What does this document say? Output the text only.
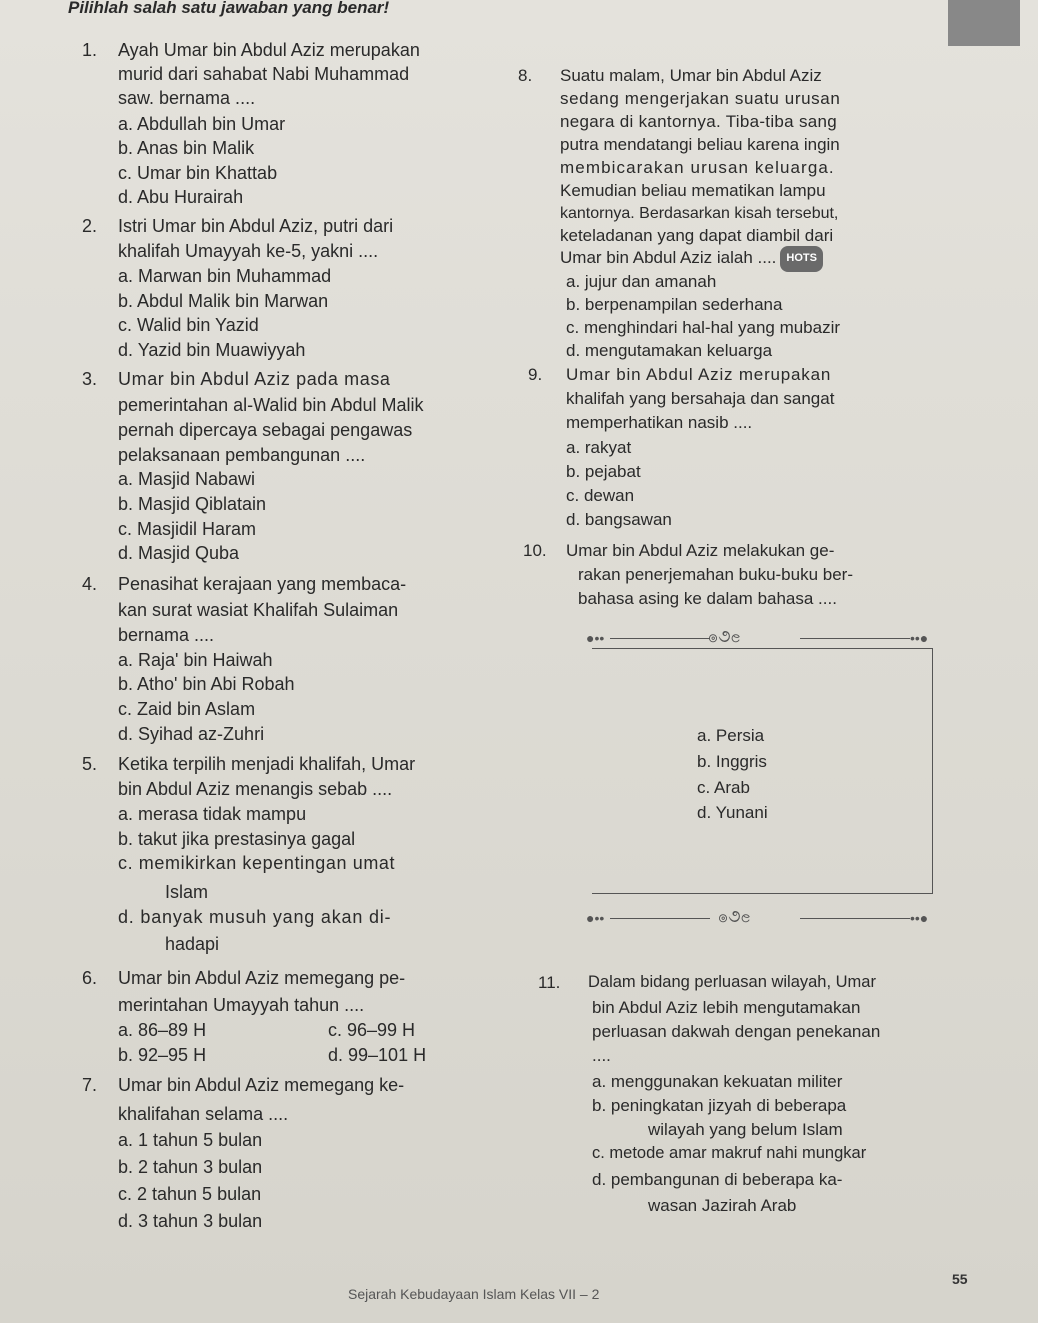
Pilihlah salah satu jawaban yang benar!
1. Ayah Umar bin Abdul Aziz merupakan
murid dari sahabat Nabi Muhammad
saw. bernama ....
a. Abdullah bin Umar
b. Anas bin Malik
c. Umar bin Khattab
d. Abu Hurairah
2. Istri Umar bin Abdul Aziz, putri dari
khalifah Umayyah ke-5, yakni ....
a. Marwan bin Muhammad
b. Abdul Malik bin Marwan
c. Walid bin Yazid
d. Yazid bin Muawiyyah
3. Umar bin Abdul Aziz pada masa
pemerintahan al-Walid bin Abdul Malik
pernah dipercaya sebagai pengawas
pelaksanaan pembangunan ....
a. Masjid Nabawi
b. Masjid Qiblatain
c. Masjidil Haram
d. Masjid Quba
4. Penasihat kerajaan yang membaca-
kan surat wasiat Khalifah Sulaiman
bernama ....
a. Raja' bin Haiwah
b. Atho' bin Abi Robah
c. Zaid bin Aslam
d. Syihad az-Zuhri
5. Ketika terpilih menjadi khalifah, Umar
bin Abdul Aziz menangis sebab ....
a. merasa tidak mampu
b. takut jika prestasinya gagal
c. memikirkan kepentingan umat
Islam
d. banyak musuh yang akan di-
hadapi
6. Umar bin Abdul Aziz memegang pe-
merintahan Umayyah tahun ....
a. 86–89 H	c. 96–99 H
b. 92–95 H	d. 99–101 H
7. Umar bin Abdul Aziz memegang ke-
khalifahan selama ....
a. 1 tahun 5 bulan
b. 2 tahun 3 bulan
c. 2 tahun 5 bulan
d. 3 tahun 3 bulan
8. Suatu malam, Umar bin Abdul Aziz
sedang mengerjakan suatu urusan
negara di kantornya. Tiba-tiba sang
putra mendatangi beliau karena ingin
membicarakan urusan keluarga.
Kemudian beliau mematikan lampu
kantornya. Berdasarkan kisah tersebut,
keteladanan yang dapat diambil dari
Umar bin Abdul Aziz ialah .... HOTS
a. jujur dan amanah
b. berpenampilan sederhana
c. menghindari hal-hal yang mubazir
d. mengutamakan keluarga
9. Umar bin Abdul Aziz merupakan
khalifah yang bersahaja dan sangat
memperhatikan nasib ....
a. rakyat
b. pejabat
c. dewan
d. bangsawan
10. Umar bin Abdul Aziz melakukan ge-
rakan penerjemahan buku-buku ber-
bahasa asing ke dalam bahasa ....
●••	ၜ૭ၔ	••●
●••	ၜ૭ၔ	••●
a. Persia
b. Inggris
c. Arab
d. Yunani
11. Dalam bidang perluasan wilayah, Umar
bin Abdul Aziz lebih mengutamakan
perluasan dakwah dengan penekanan
....
a. menggunakan kekuatan militer
b. peningkatan jizyah di beberapa
wilayah yang belum Islam
c. metode amar makruf nahi mungkar
d. pembangunan di beberapa ka-
wasan Jazirah Arab
Sejarah Kebudayaan Islam Kelas VII – 2
55
